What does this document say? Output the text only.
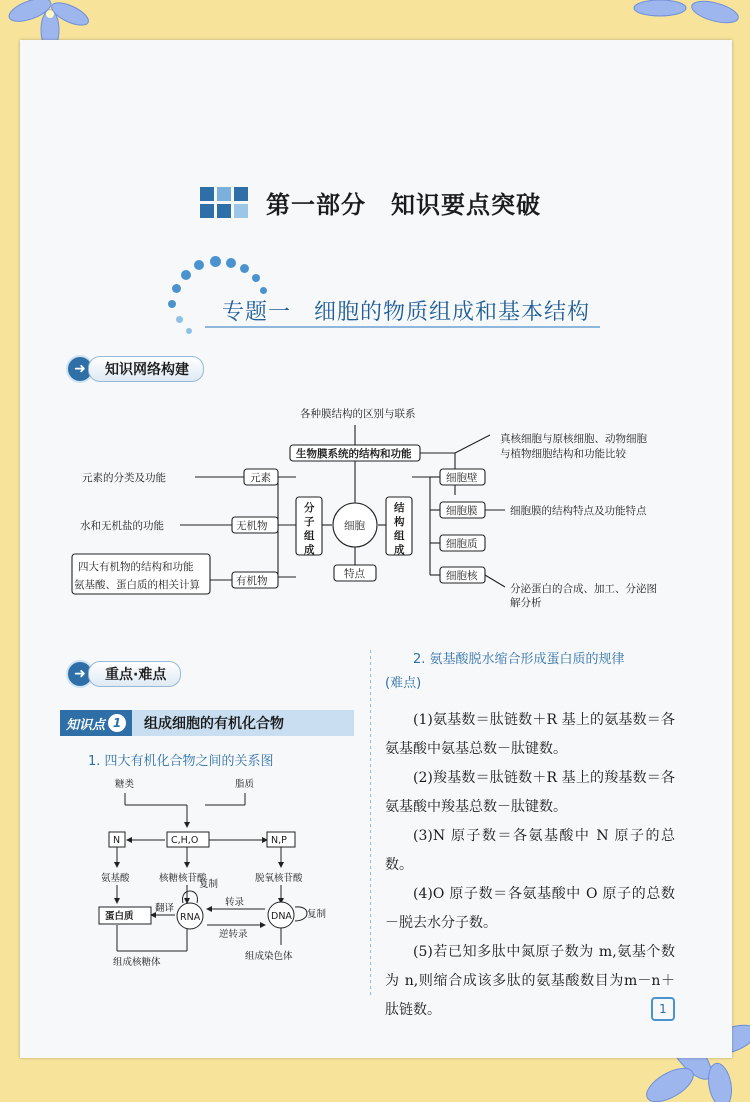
第一部分　知识要点突破
专题一　细胞的物质组成和基本结构
➜	知识网络构建
各种膜结构的区别与联系
生物膜系统的结构和功能
真核细胞与原核细胞、动物细胞
与植物细胞结构和功能比较
元素的分类及功能	元素
水和无机盐的功能	无机物
四大有机物的结构和功能
氨基酸、蛋白质的相关计算	有机物
分
子
组
成
细胞
结
构
组
成
特点
细胞壁
细胞膜
细胞质
细胞核
细胞膜的结构特点及功能特点
分泌蛋白的合成、加工、分泌图
解分析
➜	重点·难点
知识点 1	组成细胞的有机化合物
1. 四大有机化合物之间的关系图
糖类	脂质
N	C,H,O	N,P
氨基酸	核糖核苷酸	脱氧核苷酸
蛋白质
翻译
RNA
复制
转录
DNA 复制
逆转录
组成核糖体
组成染色体
2. 氨基酸脱水缩合形成蛋白质的规律
(难点)

(1)氨基数＝肽链数＋R 基上的氨基数＝各氨基酸中氨基总数－肽键数。

(2)羧基数＝肽链数＋R 基上的羧基数＝各氨基酸中羧基总数－肽键数。

(3)N 原子数＝各氨基酸中 N 原子的总数。

(4)O 原子数＝各氨基酸中 O 原子的总数－脱去水分子数。

(5)若已知多肽中氮原子数为 m,氨基个数为 n,则缩合成该多肽的氨基酸数目为m－n＋肽链数。	1
